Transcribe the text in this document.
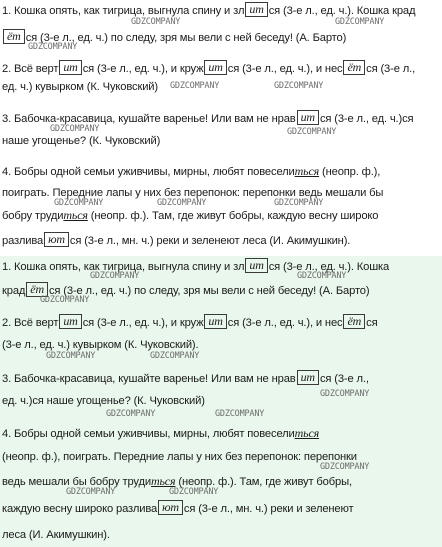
1. Кошка опять, как тигрица, выгнула спину и зл ит ся (3-е л., ед. ч.). Кошка крад
ёт ся (3-е л., ед. ч.) по следу, зря мы вели с ней беседу! (А. Барто)
2. Всё верт ит ся (3-е л., ед. ч.), и круж ит ся (3-е л., ед. ч.), и нес ёт ся (3-е л.,
ед. ч.) кувырком (К. Чуковский)
3. Бабочка-красавица, кушайте варенье! Или вам не нрав ит ся (3-е л., ед. ч.)ся
наше угощенье? (К. Чуковский)
4. Бобры одной семьи уживчивы, мирны, любят повеселиться (неопр. ф.),
поиграть. Передние лапы у них без перепонок: перепонки ведь мешали бы
бобру трудиться (неопр. ф.). Там, где живут бобры, каждую весну широко
разлива ют ся (3-е л., мн. ч.) реки и зеленеют леса (И. Акимушкин).
GDZCOMPANY	GDZCOMPANY
GDZCOMPANY
GDZCOMPANY	GDZCOMPANY
GDZCOMPANY	GDZCOMPANY
GDZCOMPANY	GDZCOMPANY	GDZCOMPANY
1. Кошка опять, как тигрица, выгнула спину и зл ит ся (3-е л., ед. ч.). Кошка
крад ёт ся (3-е л., ед. ч.) по следу, зря мы вели с ней беседу! (А. Барто)
2. Всё верт ит ся (3-е л., ед. ч.), и круж ит ся (3-е л., ед. ч.), и нес ёт ся
(3-е л., ед. ч.) кувырком (К. Чуковский).
3. Бабочка-красавица, кушайте варенье! Или вам не нрав ит ся (3-е л.,
ед. ч.)ся наше угощенье? (К. Чуковский)
4. Бобры одной семьи уживчивы, мирны, любят повеселиться
(неопр. ф.), поиграть. Передние лапы у них без перепонок: перепонки
ведь мешали бы бобру трудиться (неопр. ф.). Там, где живут бобры,
каждую весну широко разлива ют ся (3-е л., мн. ч.) реки и зеленеют
леса (И. Акимушкин).
GDZCOMPANY	GDZCOMPANY
GDZCOMPANY
GDZCOMPANY	GDZCOMPANY
GDZCOMPANY
GDZCOMPANY	GDZCOMPANY
GDZCOMPANY
GDZCOMPANY	GDZCOMPANY
